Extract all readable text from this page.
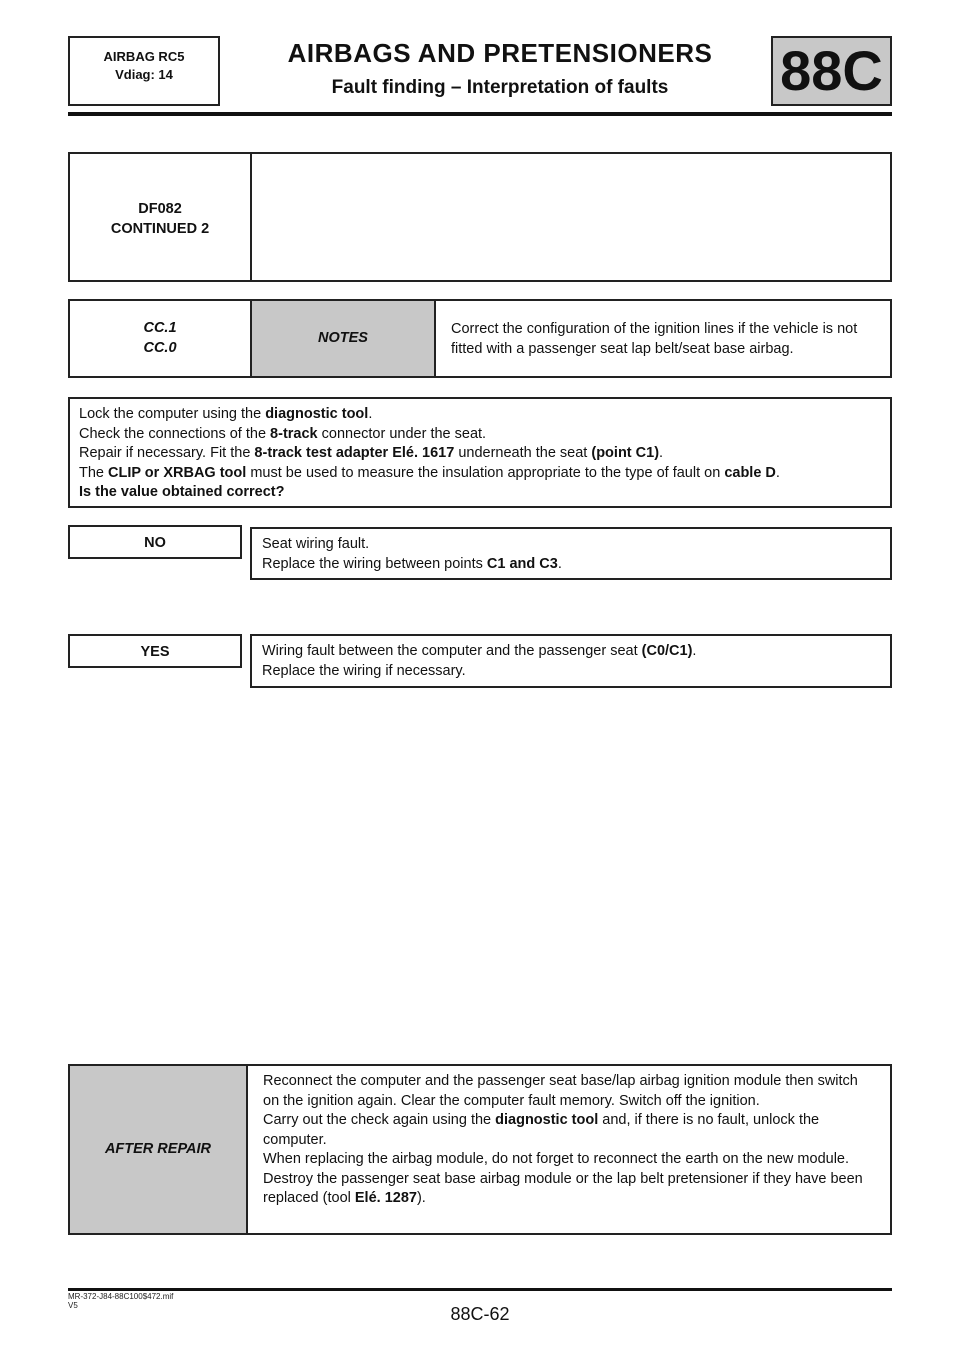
AIRBAG RC5
Vdiag: 14
AIRBAGS AND PRETENSIONERS
Fault finding – Interpretation of faults	88C
DF082
CONTINUED 2
CC.1
CC.0
NOTES
Correct the configuration of the ignition lines if the vehicle is not fitted with a passenger seat lap belt/seat base airbag.
Lock the computer using the diagnostic tool.
Check the connections of the 8-track connector under the seat.
Repair if necessary. Fit the 8-track test adapter Elé. 1617 underneath the seat (point C1).
The CLIP or XRBAG tool must be used to measure the insulation appropriate to the type of fault on cable D.
Is the value obtained correct?
NO	Seat wiring fault.
Replace the wiring between points C1 and C3.
YES	Wiring fault between the computer and the passenger seat (C0/C1).
Replace the wiring if necessary.
AFTER REPAIR
Reconnect the computer and the passenger seat base/lap airbag ignition module then switch on the ignition again. Clear the computer fault memory. Switch off the ignition.
Carry out the check again using the diagnostic tool and, if there is no fault, unlock the computer.
When replacing the airbag module, do not forget to reconnect the earth on the new module.
Destroy the passenger seat base airbag module or the lap belt pretensioner if they have been replaced (tool Elé. 1287).
MR-372-J84-88C100$472.mif
V5	88C-62
